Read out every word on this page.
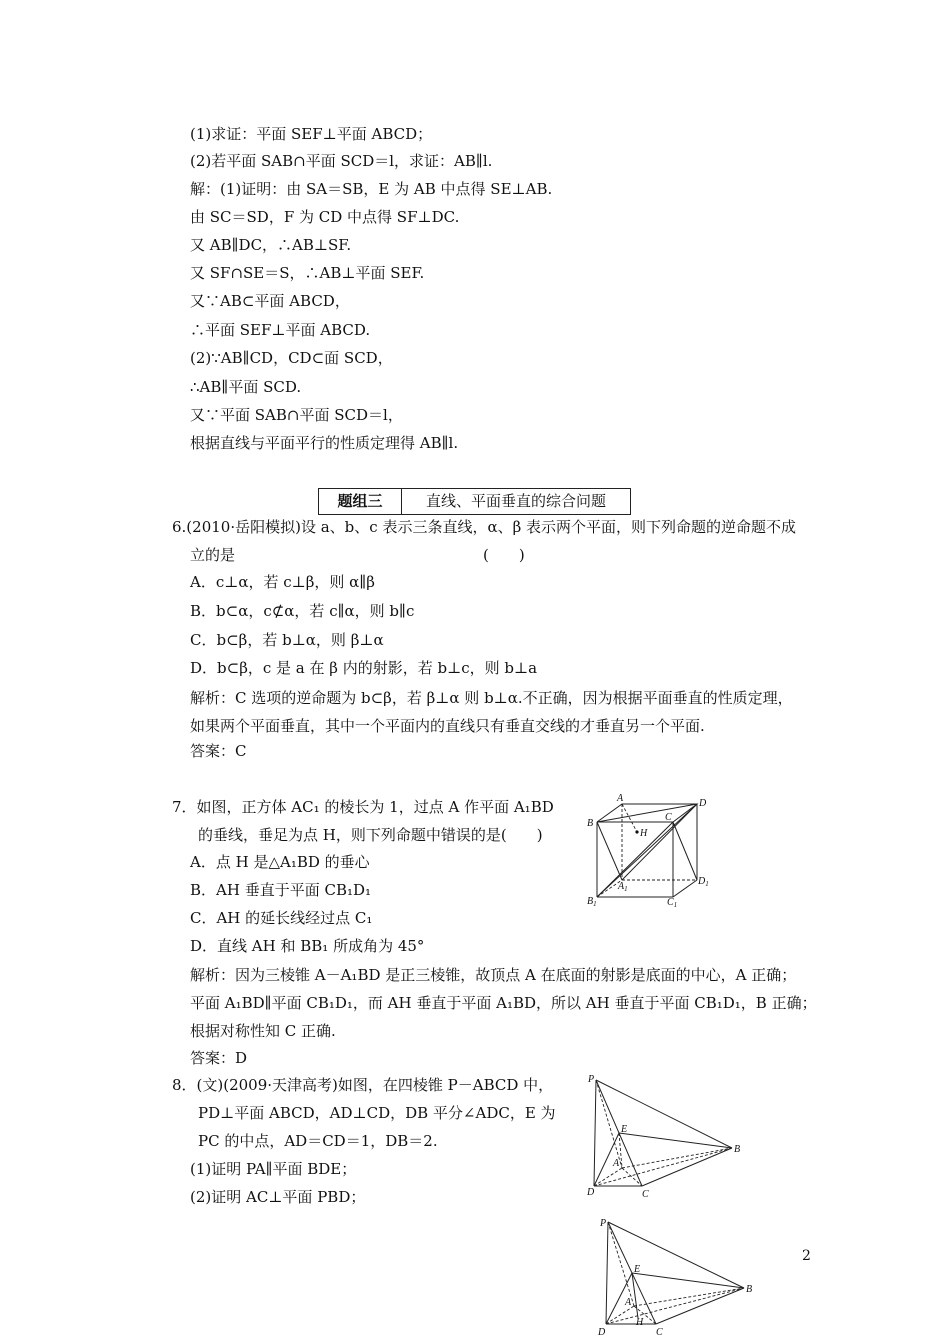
(1)求证：平面 SEF⊥平面 ABCD；
(2)若平面 SAB∩平面 SCD＝l，求证：AB∥l.
解：(1)证明：由 SA＝SB，E 为 AB 中点得 SE⊥AB.
由 SC＝SD，F 为 CD 中点得 SF⊥DC.
又 AB∥DC，∴AB⊥SF.
又 SF∩SE＝S，∴AB⊥平面 SEF.
又∵AB⊂平面 ABCD，
∴平面 SEF⊥平面 ABCD.
(2)∵AB∥CD，CD⊂面 SCD，
∴AB∥平面 SCD.
又∵平面 SAB∩平面 SCD＝l，
根据直线与平面平行的性质定理得 AB∥l.
6.(2010·岳阳模拟)设 a、b、c 表示三条直线，α、β 表示两个平面，则下列命题的逆命题不成
立的是	(　　)
A．c⊥α，若 c⊥β，则 α∥β
B．b⊂α，c⊄α，若 c∥α，则 b∥c
C．b⊂β，若 b⊥α，则 β⊥α
D．b⊂β，c 是 a 在 β 内的射影，若 b⊥c，则 b⊥a
解析：C 选项的逆命题为 b⊂β，若 β⊥α 则 b⊥α.不正确，因为根据平面垂直的性质定理，
如果两个平面垂直，其中一个平面内的直线只有垂直交线的才垂直另一个平面.
答案：C
7．如图，正方体 AC₁ 的棱长为 1，过点 A 作平面 A₁BD
的垂线，垂足为点 H，则下列命题中错误的是(　　)
A．点 H 是△A₁BD 的垂心
B．AH 垂直于平面 CB₁D₁
C．AH 的延长线经过点 C₁
D．直线 AH 和 BB₁ 所成角为 45°
解析：因为三棱锥 A－A₁BD 是正三棱锥，故顶点 A 在底面的射影是底面的中心，A 正确；
平面 A₁BD∥平面 CB₁D₁，而 AH 垂直于平面 A₁BD，所以 AH 垂直于平面 CB₁D₁，B 正确；
根据对称性知 C 正确.
答案：D
8．(文)(2009·天津高考)如图，在四棱锥 P－ABCD 中，
PD⊥平面 ABCD，AD⊥CD，DB 平分∠ADC，E 为
PC 的中点，AD＝CD＝1，DB＝2.
(1)证明 PA∥平面 BDE；
(2)证明 AC⊥平面 PBD；
题组三	直线、平面垂直的综合问题
2
A
B
C
D
H
$A_1$
$B_1$	$C_1$
$D_1$
P
E
A
B
C
D
P
E
A
B
C
D
H
